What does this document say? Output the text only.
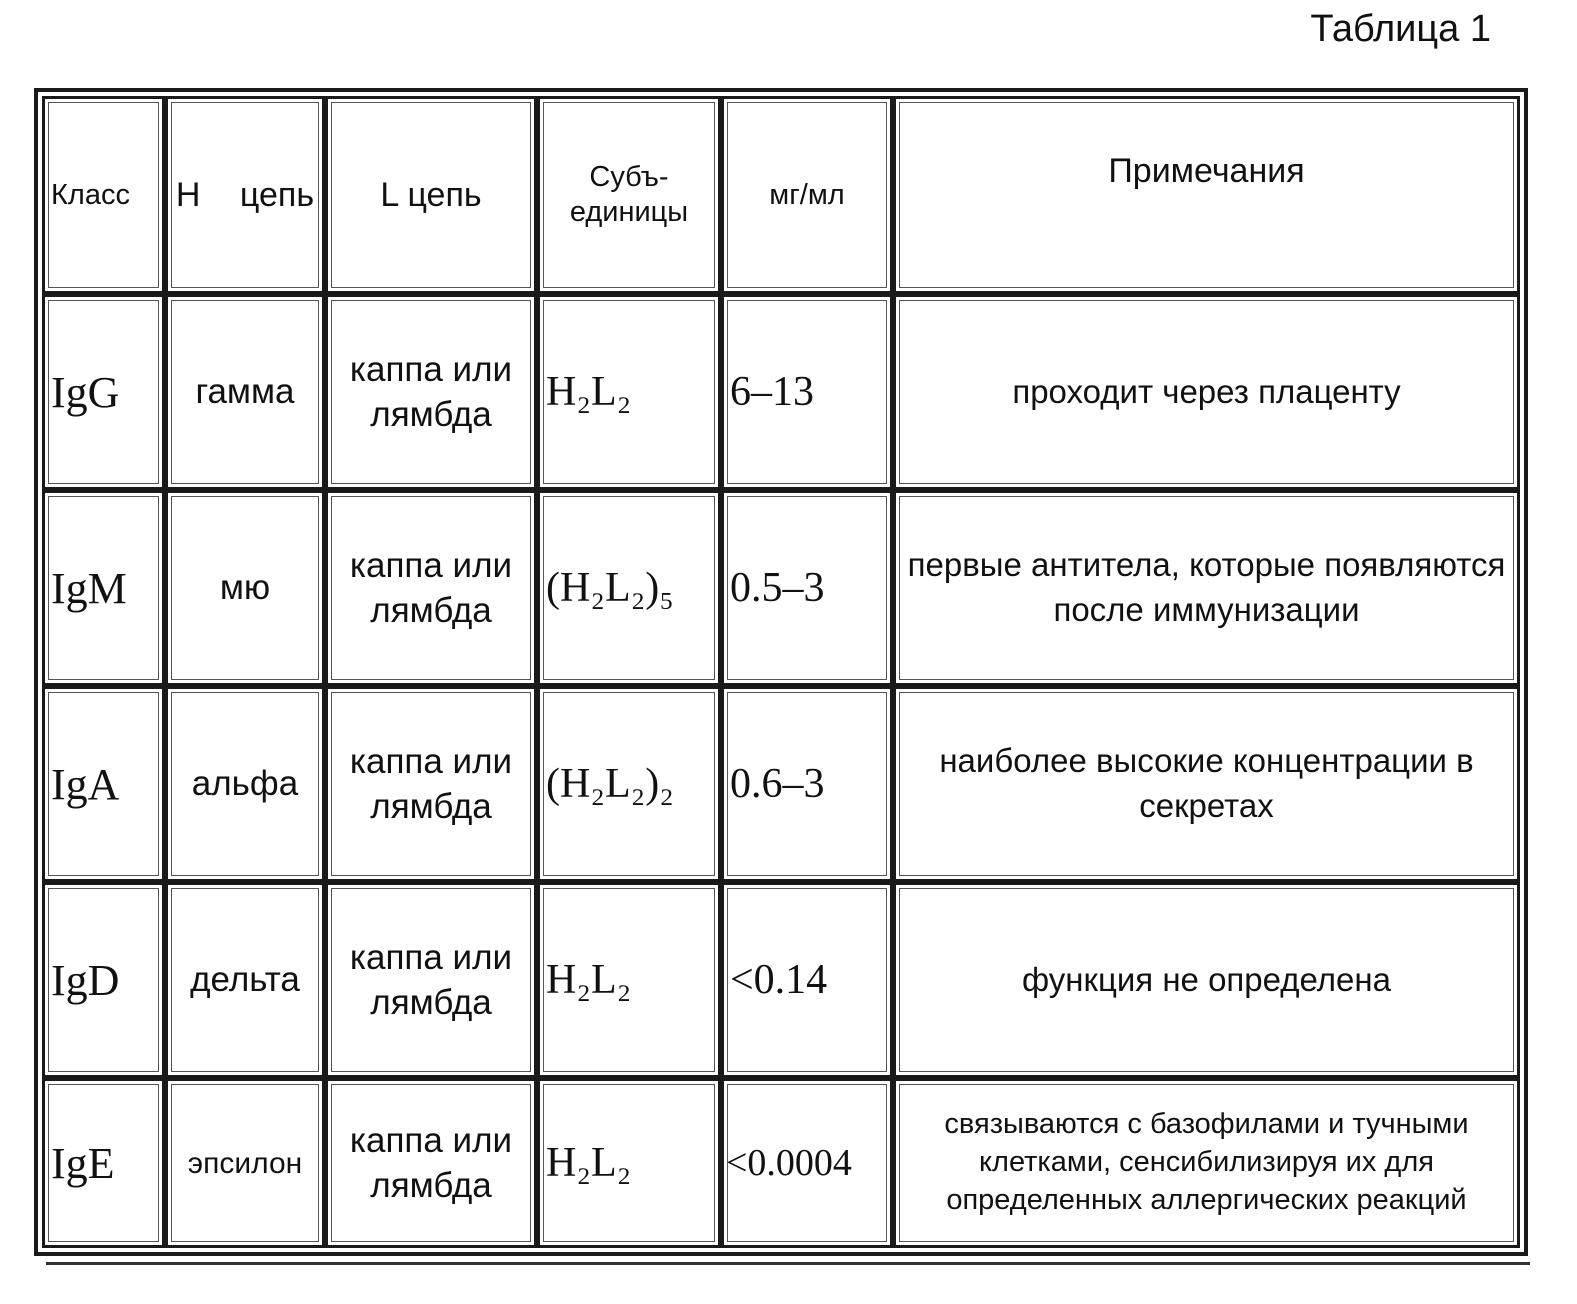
Таблица 1
Класс	Н цепь	L цепь	Субъ-единицы	мг/мл	Примечания
IgG	гамма	каппа или лямбда	H₂L₂	6–13	проходит через плаценту
IgM	мю	каппа или лямбда	(H₂L₂)₅	0.5–3	первые антитела, которые появляются после иммунизации
IgA	альфа	каппа или лямбда	(H₂L₂)₂	0.6–3	наиболее высокие концентрации в секретах
IgD	дельта	каппа или лямбда	H₂L₂	<0.14	функция не определена
IgE	эпсилон	каппа или лямбда	H₂L₂	<0.0004	связываются с базофилами и тучными клетками, сенсибилизируя их для определенных аллергических реакций
